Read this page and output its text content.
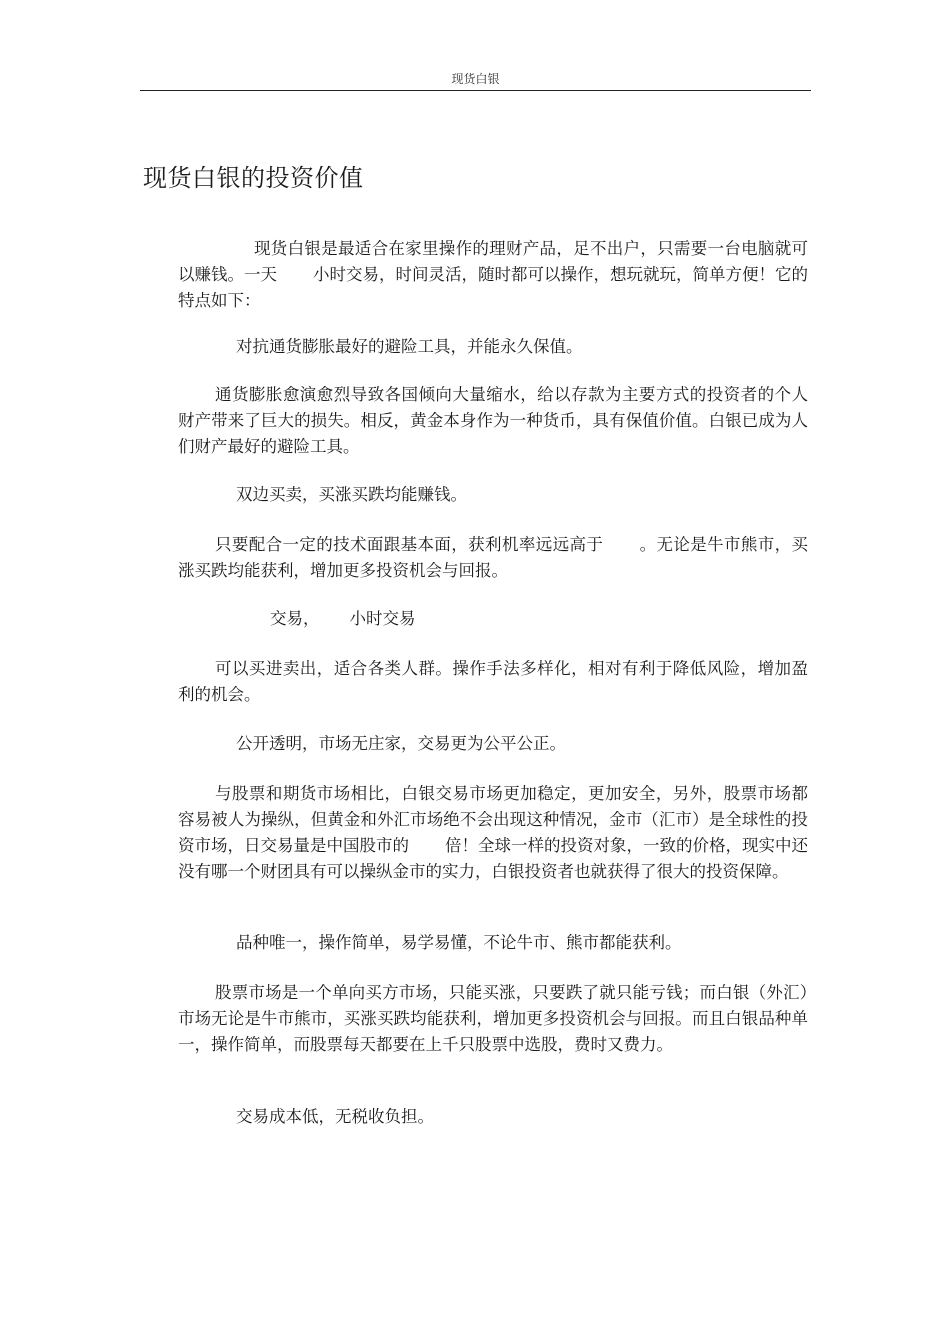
现货白银
现货白银的投资价值

现货白银是最适合在家里操作的理财产品，足不出户，只需要一台电脑就可以赚钱。一天 小时交易，时间灵活，随时都可以操作，想玩就玩，简单方便！它的特点如下：

对抗通货膨胀最好的避险工具，并能永久保值。

通货膨胀愈演愈烈导致各国倾向大量缩水，给以存款为主要方式的投资者的个人财产带来了巨大的损失。相反，黄金本身作为一种货币，具有保值价值。白银已成为人们财产最好的避险工具。

双边买卖，买涨买跌均能赚钱。

只要配合一定的技术面跟基本面，获利机率远远高于 。无论是牛市熊市，买涨买跌均能获利，增加更多投资机会与回报。

交易， 小时交易

可以买进卖出，适合各类人群。操作手法多样化，相对有利于降低风险，增加盈利的机会。

公开透明，市场无庄家，交易更为公平公正。

与股票和期货市场相比，白银交易市场更加稳定，更加安全，另外，股票市场都容易被人为操纵，但黄金和外汇市场绝不会出现这种情况，金市（汇市）是全球性的投资市场，日交易量是中国股市的 倍！全球一样的投资对象，一致的价格，现实中还没有哪一个财团具有可以操纵金市的实力，白银投资者也就获得了很大的投资保障。

品种唯一，操作简单，易学易懂，不论牛市、熊市都能获利。

股票市场是一个单向买方市场，只能买涨，只要跌了就只能亏钱；而白银（外汇）市场无论是牛市熊市，买涨买跌均能获利，增加更多投资机会与回报。而且白银品种单一，操作简单，而股票每天都要在上千只股票中选股，费时又费力。

交易成本低，无税收负担。
